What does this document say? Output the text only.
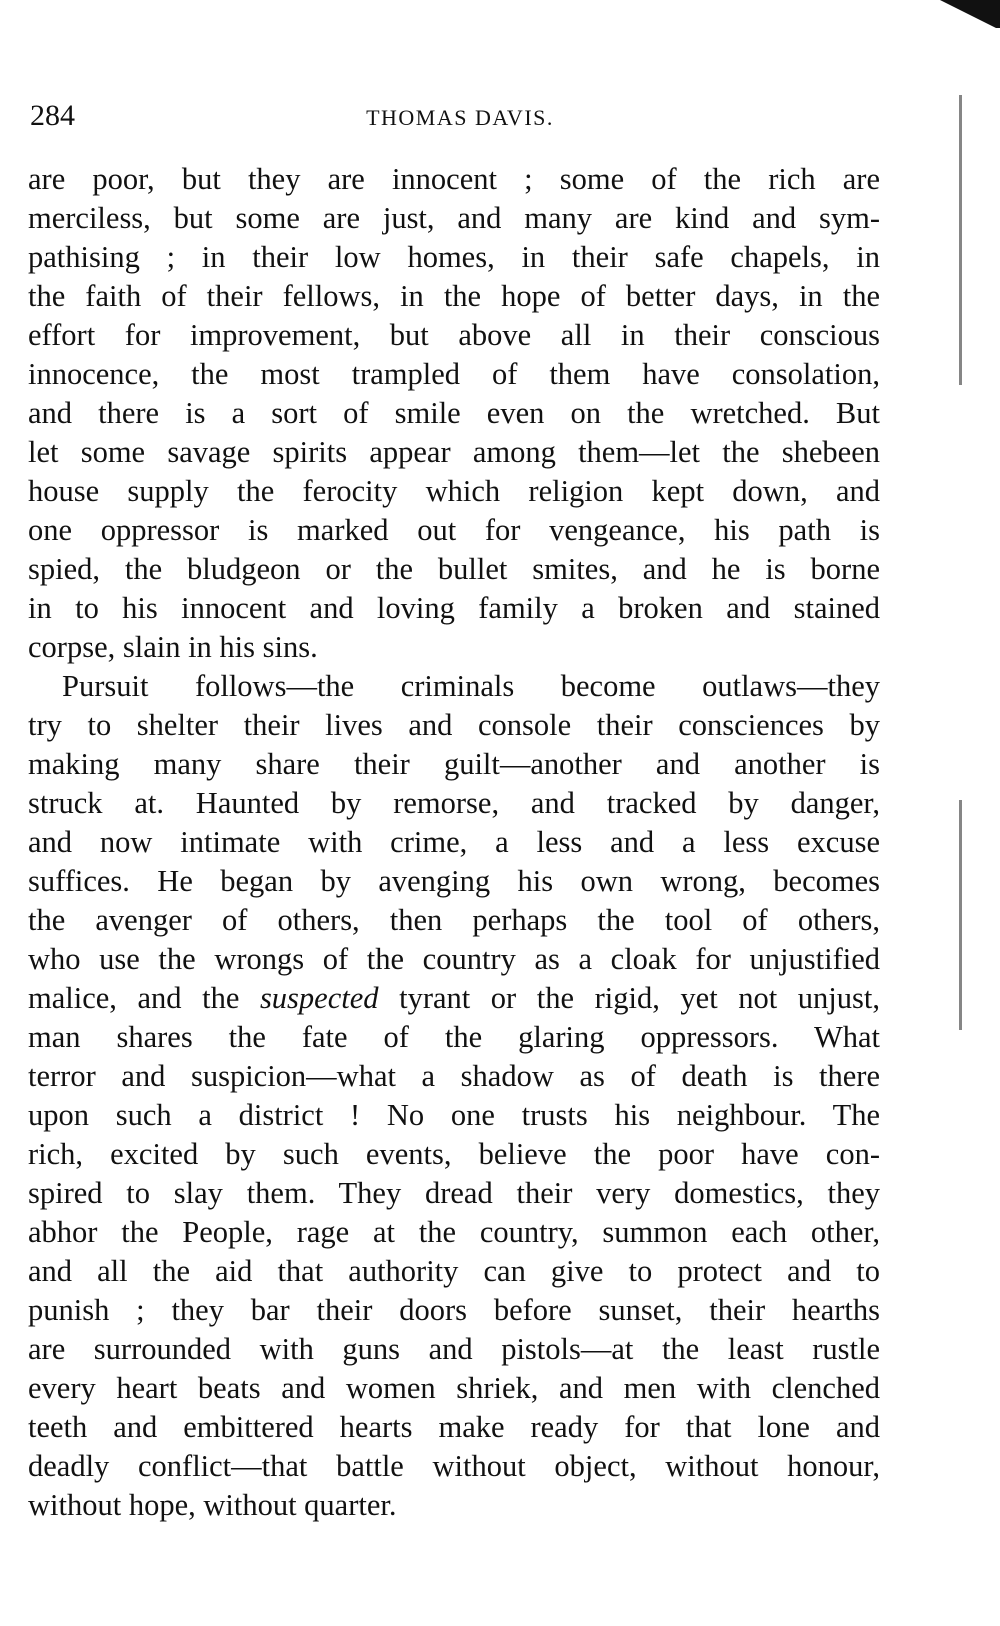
284	THOMAS DAVIS.
are poor, but they are innocent ; some of the rich are
merciless, but some are just, and many are kind and sym-
pathising ; in their low homes, in their safe chapels, in
the faith of their fellows, in the hope of better days, in the
effort for improvement, but above all in their conscious
innocence, the most trampled of them have consolation,
and there is a sort of smile even on the wretched. But
let some savage spirits appear among them—let the shebeen
house supply the ferocity which religion kept down, and
one oppressor is marked out for vengeance, his path is
spied, the bludgeon or the bullet smites, and he is borne
in to his innocent and loving family a broken and stained
corpse, slain in his sins.
Pursuit follows—the criminals become outlaws—they
try to shelter their lives and console their consciences by
making many share their guilt—another and another is
struck at. Haunted by remorse, and tracked by danger,
and now intimate with crime, a less and a less excuse
suffices. He began by avenging his own wrong, becomes
the avenger of others, then perhaps the tool of others,
who use the wrongs of the country as a cloak for unjustified
malice, and the suspected tyrant or the rigid, yet not unjust,
man shares the fate of the glaring oppressors. What
terror and suspicion—what a shadow as of death is there
upon such a district ! No one trusts his neighbour. The
rich, excited by such events, believe the poor have con-
spired to slay them. They dread their very domestics, they
abhor the People, rage at the country, summon each other,
and all the aid that authority can give to protect and to
punish ; they bar their doors before sunset, their hearths
are surrounded with guns and pistols—at the least rustle
every heart beats and women shriek, and men with clenched
teeth and embittered hearts make ready for that lone and
deadly conflict—that battle without object, without honour,
without hope, without quarter.
